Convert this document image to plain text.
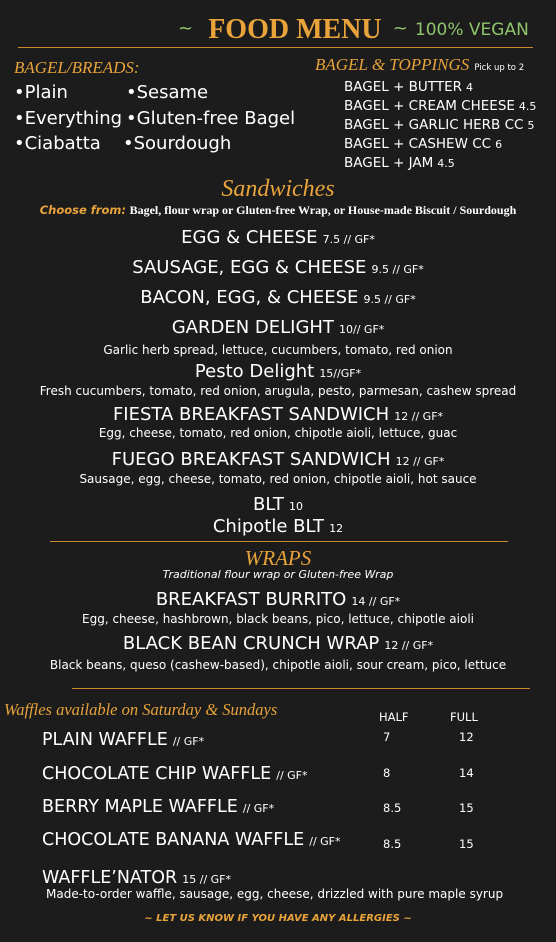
~ FOOD MENU ~ 100% VEGAN
BAGEL/BREADS:
•Plain	•Sesame
•Everything •Gluten-free Bagel
•Ciabatta •Sourdough
BAGEL & TOPPINGS Pick up to 2
BAGEL + BUTTER 4
BAGEL + CREAM CHEESE 4.5
BAGEL + GARLIC HERB CC 5
BAGEL + CASHEW CC 6
BAGEL + JAM 4.5
Sandwiches
Choose from: Bagel, flour wrap or Gluten-free Wrap, or House-made Biscuit / Sourdough
EGG & CHEESE 7.5 // GF*
SAUSAGE, EGG & CHEESE 9.5 // GF*
BACON, EGG, & CHEESE 9.5 // GF*
GARDEN DELIGHT 10// GF*
Garlic herb spread, lettuce, cucumbers, tomato, red onion
Pesto Delight 15//GF*
Fresh cucumbers, tomato, red onion, arugula, pesto, parmesan, cashew spread
FIESTA BREAKFAST SANDWICH 12 // GF*
Egg, cheese, tomato, red onion, chipotle aioli, lettuce, guac
FUEGO BREAKFAST SANDWICH 12 // GF*
Sausage, egg, cheese, tomato, red onion, chipotle aioli, hot sauce
BLT 10
Chipotle BLT 12
WRAPS
Traditional flour wrap or Gluten-free Wrap
BREAKFAST BURRITO 14 // GF*
Egg, cheese, hashbrown, black beans, pico, lettuce, chipotle aioli
BLACK BEAN CRUNCH WRAP 12 // GF*
Black beans, queso (cashew-based), chipotle aioli, sour cream, pico, lettuce
Waffles available on Saturday & Sundays	HALF	FULL
PLAIN WAFFLE // GF*	7	12
CHOCOLATE CHIP WAFFLE // GF*	8	14
BERRY MAPLE WAFFLE // GF*	8.5	15
CHOCOLATE BANANA WAFFLE // GF*	8.5	15
WAFFLE’NATOR 15 // GF*
Made-to-order waffle, sausage, egg, cheese, drizzled with pure maple syrup
~ LET US KNOW IF YOU HAVE ANY ALLERGIES ~
